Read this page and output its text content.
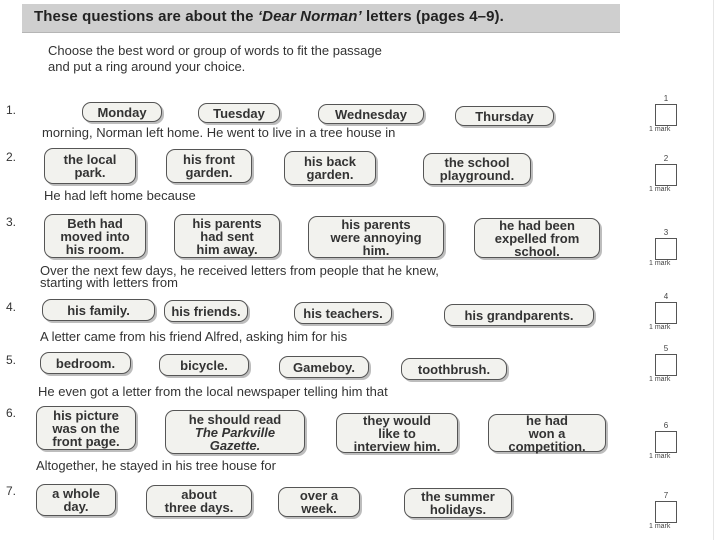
These questions are about the ‘Dear Norman’ letters (pages 4–9).
Choose the best word or group of words to fit the passage
and put a ring around your choice.
1.	Monday	Tuesday	Wednesday	Thursday
morning, Norman left home. He went to live in a tree house in
1
1 mark
2.	the local
park.
his front
garden.
his back
garden.
the school
playground.
He had left home because
2
1 mark
3.	Beth had
moved into
his room.
his parents
had sent
him away.
his parents
were annoying
him.
he had been
expelled from
school.
Over the next few days, he received letters from people that he knew,
starting with letters from
3
1 mark
4.	his family.	his friends.	his teachers.	his grandparents.
A letter came from his friend Alfred, asking him for his
4
1 mark
5.	bedroom.	bicycle.	Gameboy.	toothbrush.
He even got a letter from the local newspaper telling him that
5
1 mark
6.	his picture
was on the
front page.
he should read
The Parkville
Gazette.
they would
like to
interview him.
he had
won a
competition.
Altogether, he stayed in his tree house for
6
1 mark
7.	a whole
day.
about
three days.
over a
week.
the summer
holidays.
7
1 mark
